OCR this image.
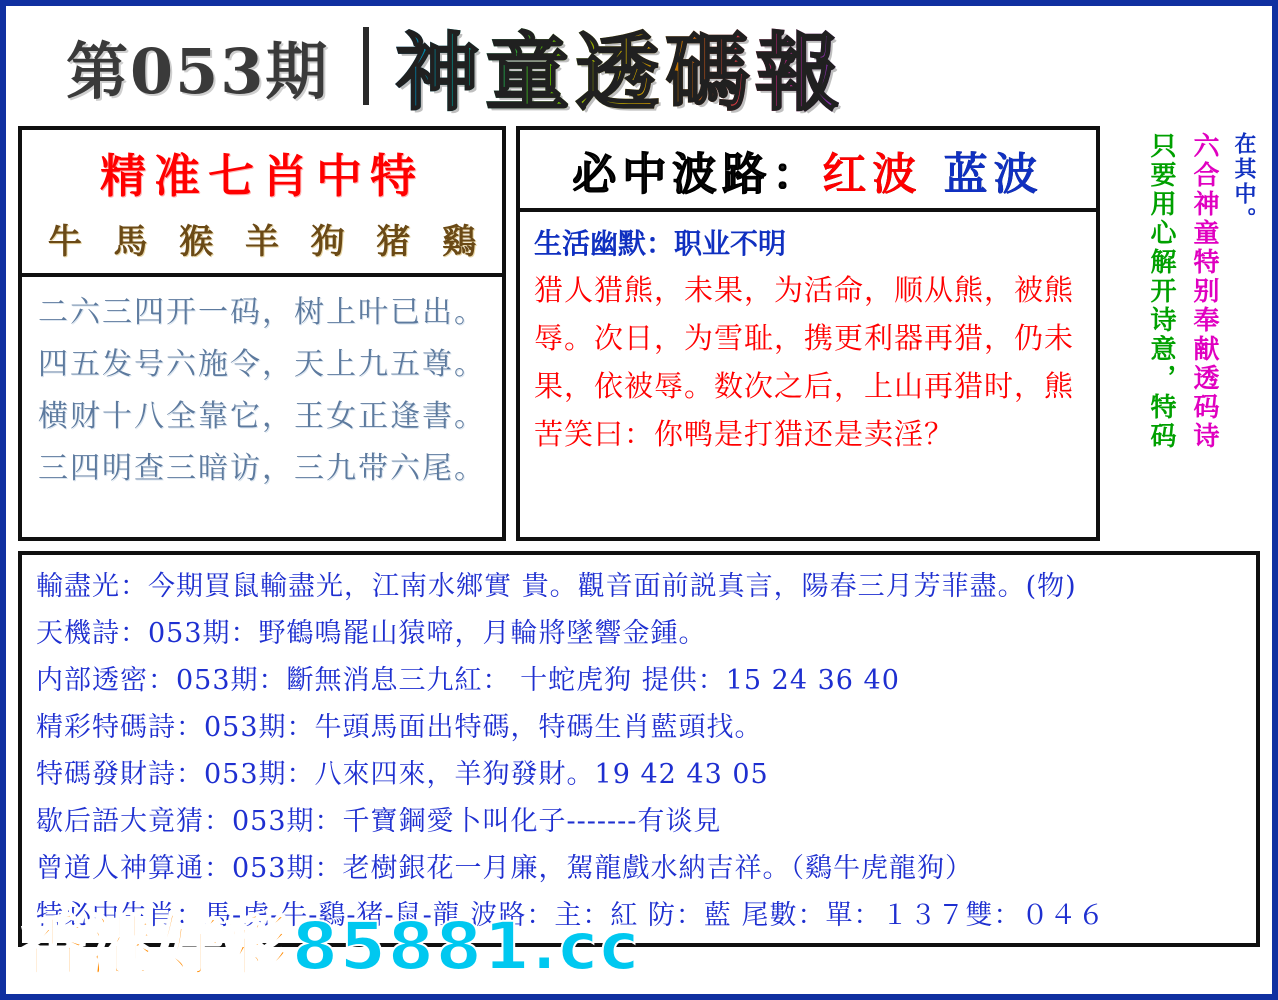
第053期 神童透碼報
精准七肖中特
牛 馬 猴 羊 狗 猪 鷄
二六三四开一码，树上叶已出。
四五发号六施令，天上九五尊。
横财十八全靠它，王女正逢書。
三四明查三暗访，三九带六尾。
必中波路：红波 蓝波
生活幽默：职业不明
猎人猎熊，未果，为活命，顺从熊，被熊辱。次日，为雪耻，携更利器再猎，仍未果，依被辱。数次之后，上山再猎时，熊苦笑曰：你鸭是打猎还是卖淫？	只要用心解开诗意，特码 六合神童特别奉献透码诗 在其中。
輸盡光：今期買鼠輸盡光，江南水鄉實 貴。觀音面前説真言，陽春三月芳菲盡。(物)
天機詩：053期：野鶴鳴罷山猿啼，月輪將墜響金鍾。
内部透密：053期：斷無消息三九紅： 十蛇虎狗 提供：15 24 36 40
精彩特碼詩：053期：牛頭馬面出特碼，特碼生肖藍頭找。
特碼發財詩：053期：八來四來，羊狗發財。19 42 43 05
歇后語大竟猜：053期：千寶鋼愛卜叫化子-------有谈見
曾道人神算通：053期：老樹銀花一月廉，駕龍戲水納吉祥。（鷄牛虎龍狗）
特必中生肖：馬-虎-牛-鷄-猪-鼠-龍 波路：主：紅 防：藍 尾數：單：１３７雙：０４６
香港好彩85881.cc
